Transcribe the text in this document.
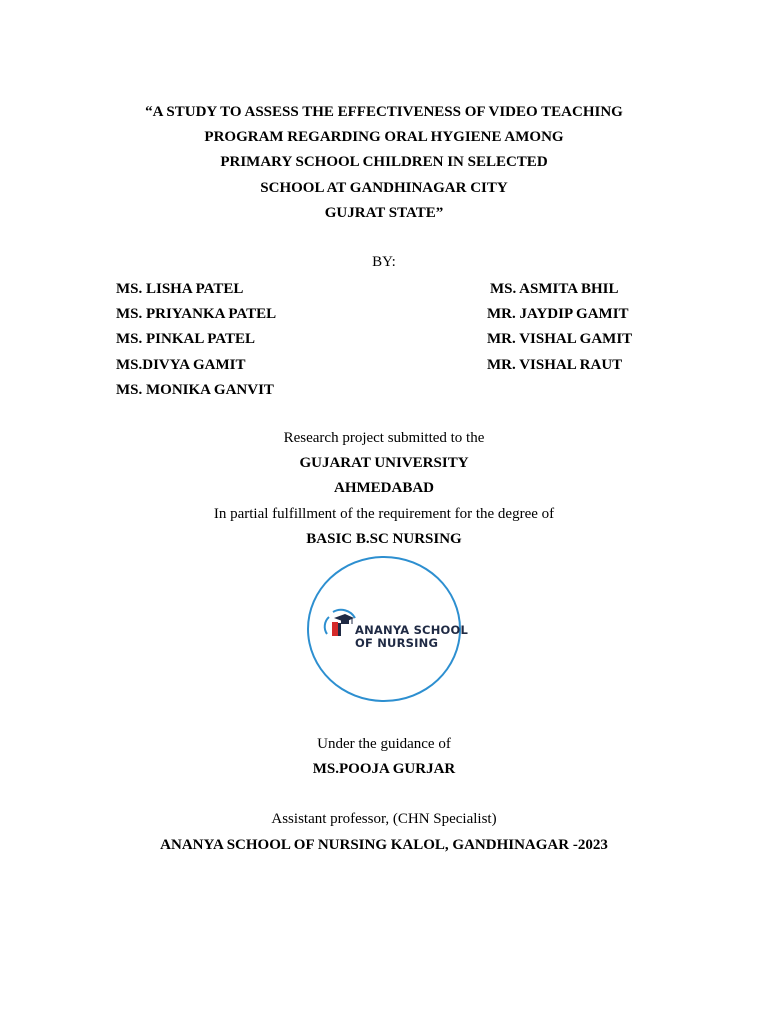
“A STUDY TO ASSESS THE EFFECTIVENESS OF VIDEO TEACHING
PROGRAM REGARDING ORAL HYGIENE AMONG
PRIMARY SCHOOL CHILDREN IN SELECTED
SCHOOL AT GANDHINAGAR CITY
GUJRAT STATE”
BY:
MS. LISHA PATEL
MS. PRIYANKA PATEL
MS. PINKAL PATEL
MS.DIVYA GAMIT
MS. MONIKA GANVIT
MS. ASMITA BHIL
MR. JAYDIP GAMIT
MR. VISHAL GAMIT
MR. VISHAL RAUT
Research project submitted to the
GUJARAT UNIVERSITY
AHMEDABAD
In partial fulfillment of the requirement for the degree of
BASIC B.SC NURSING
ANANYA SCHOOL
OF NURSING
Under the guidance of
MS.POOJA GURJAR
Assistant professor, (CHN Specialist)
ANANYA SCHOOL OF NURSING KALOL, GANDHINAGAR -2023
